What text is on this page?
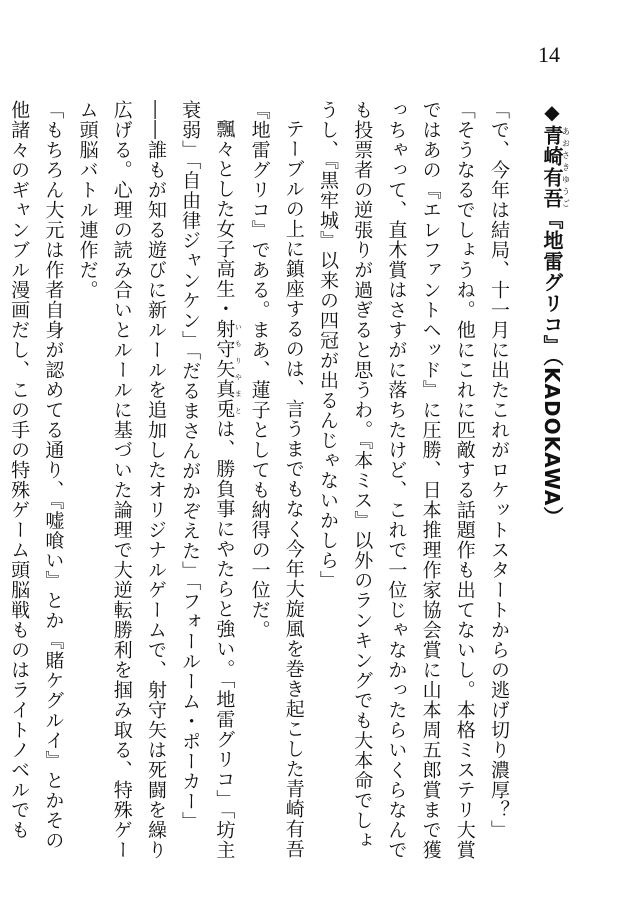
14
◆青崎有吾あおさきゆうご『地雷グリコ』（KADOKAWA）

「で、今年は結局、十一月に出たこれがロケットスタートからの逃げ切り濃厚？」

「そうなるでしょうね。他にこれに匹敵する話題作も出てないし。本格ミステリ大賞ではあの『エレファントヘッド』に圧勝、日本推理作家協会賞に山本周五郎賞まで獲っちゃって、直木賞はさすがに落ちたけど、これで一位じゃなかったらいくらなんでも投票者の逆張りが過ぎると思うわ。『本ミス』以外のランキングでも大本命でしょうし、『黒牢城』以来の四冠が出るんじゃないかしら」

テーブルの上に鎮座するのは、言うまでもなく今年大旋風を巻き起こした青崎有吾『地雷グリコ』である。まあ、蓮子としても納得の一位だ。

飄々とした女子高生・射守矢真兎 いもりやまとは、勝負事にやたらと強い。「地雷グリコ」「坊主衰弱」「自由律ジャンケン」「だるまさんがかぞえた」「フォールーム・ポーカー」――誰もが知る遊びに新ルールを追加したオリジナルゲームで、射守矢は死闘を繰り広げる。心理の読み合いとルールに基づいた論理で大逆転勝利を掴み取る、特殊ゲーム頭脳バトル連作だ。

「もちろん大元は作者自身が認めてる通り、『嘘喰い』とか『賭ケグルイ』とかその他諸々のギャンブル漫画だし、この手の特殊ゲーム頭脳戦ものはライトノベルでも
